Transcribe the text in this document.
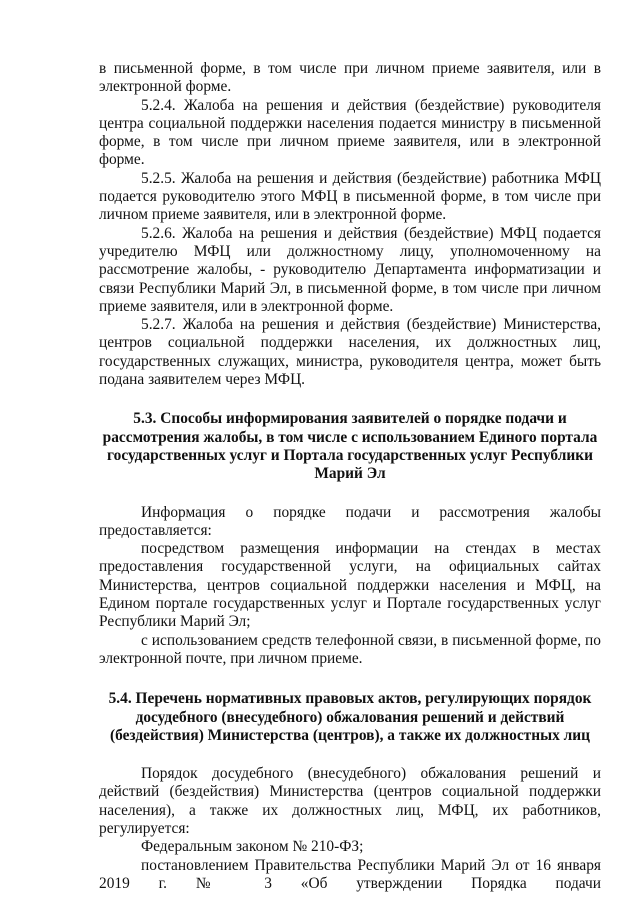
в письменной форме, в том числе при личном приеме заявителя, или в электронной форме.

5.2.4. Жалоба на решения и действия (бездействие) руководителя центра социальной поддержки населения подается министру в письменной форме, в том числе при личном приеме заявителя, или в электронной форме.

5.2.5. Жалоба на решения и действия (бездействие) работника МФЦ подается руководителю этого МФЦ в письменной форме, в том числе при личном приеме заявителя, или в электронной форме.

5.2.6. Жалоба на решения и действия (бездействие) МФЦ подается учредителю МФЦ или должностному лицу, уполномоченному на рассмотрение жалобы, - руководителю Департамента информатизации и связи Республики Марий Эл, в письменной форме, в том числе при личном приеме заявителя, или в электронной форме.

5.2.7. Жалоба на решения и действия (бездействие) Министерства, центров социальной поддержки населения, их должностных лиц, государственных служащих, министра, руководителя центра, может быть подана заявителем через МФЦ.

5.3. Способы информирования заявителей о порядке подачи и рассмотрения жалобы, в том числе с использованием Единого портала государственных услуг и Портала государственных услуг Республики Марий Эл

Информация о порядке подачи и рассмотрения жалобы предоставляется:

посредством размещения информации на стендах в местах предоставления государственной услуги, на официальных сайтах Министерства, центров социальной поддержки населения и МФЦ, на Едином портале государственных услуг и Портале государственных услуг Республики Марий Эл;

с использованием средств телефонной связи, в письменной форме, по электронной почте, при личном приеме.

5.4. Перечень нормативных правовых актов, регулирующих порядок досудебного (внесудебного) обжалования решений и действий (бездействия) Министерства (центров), а также их должностных лиц

Порядок досудебного (внесудебного) обжалования решений и действий (бездействия) Министерства (центров социальной поддержки населения), а также их должностных лиц, МФЦ, их работников, регулируется:

Федеральным законом № 210-ФЗ;

постановлением Правительства Республики Марий Эл от 16 января 2019 г. № 3 «Об утверждении Порядка подачи
